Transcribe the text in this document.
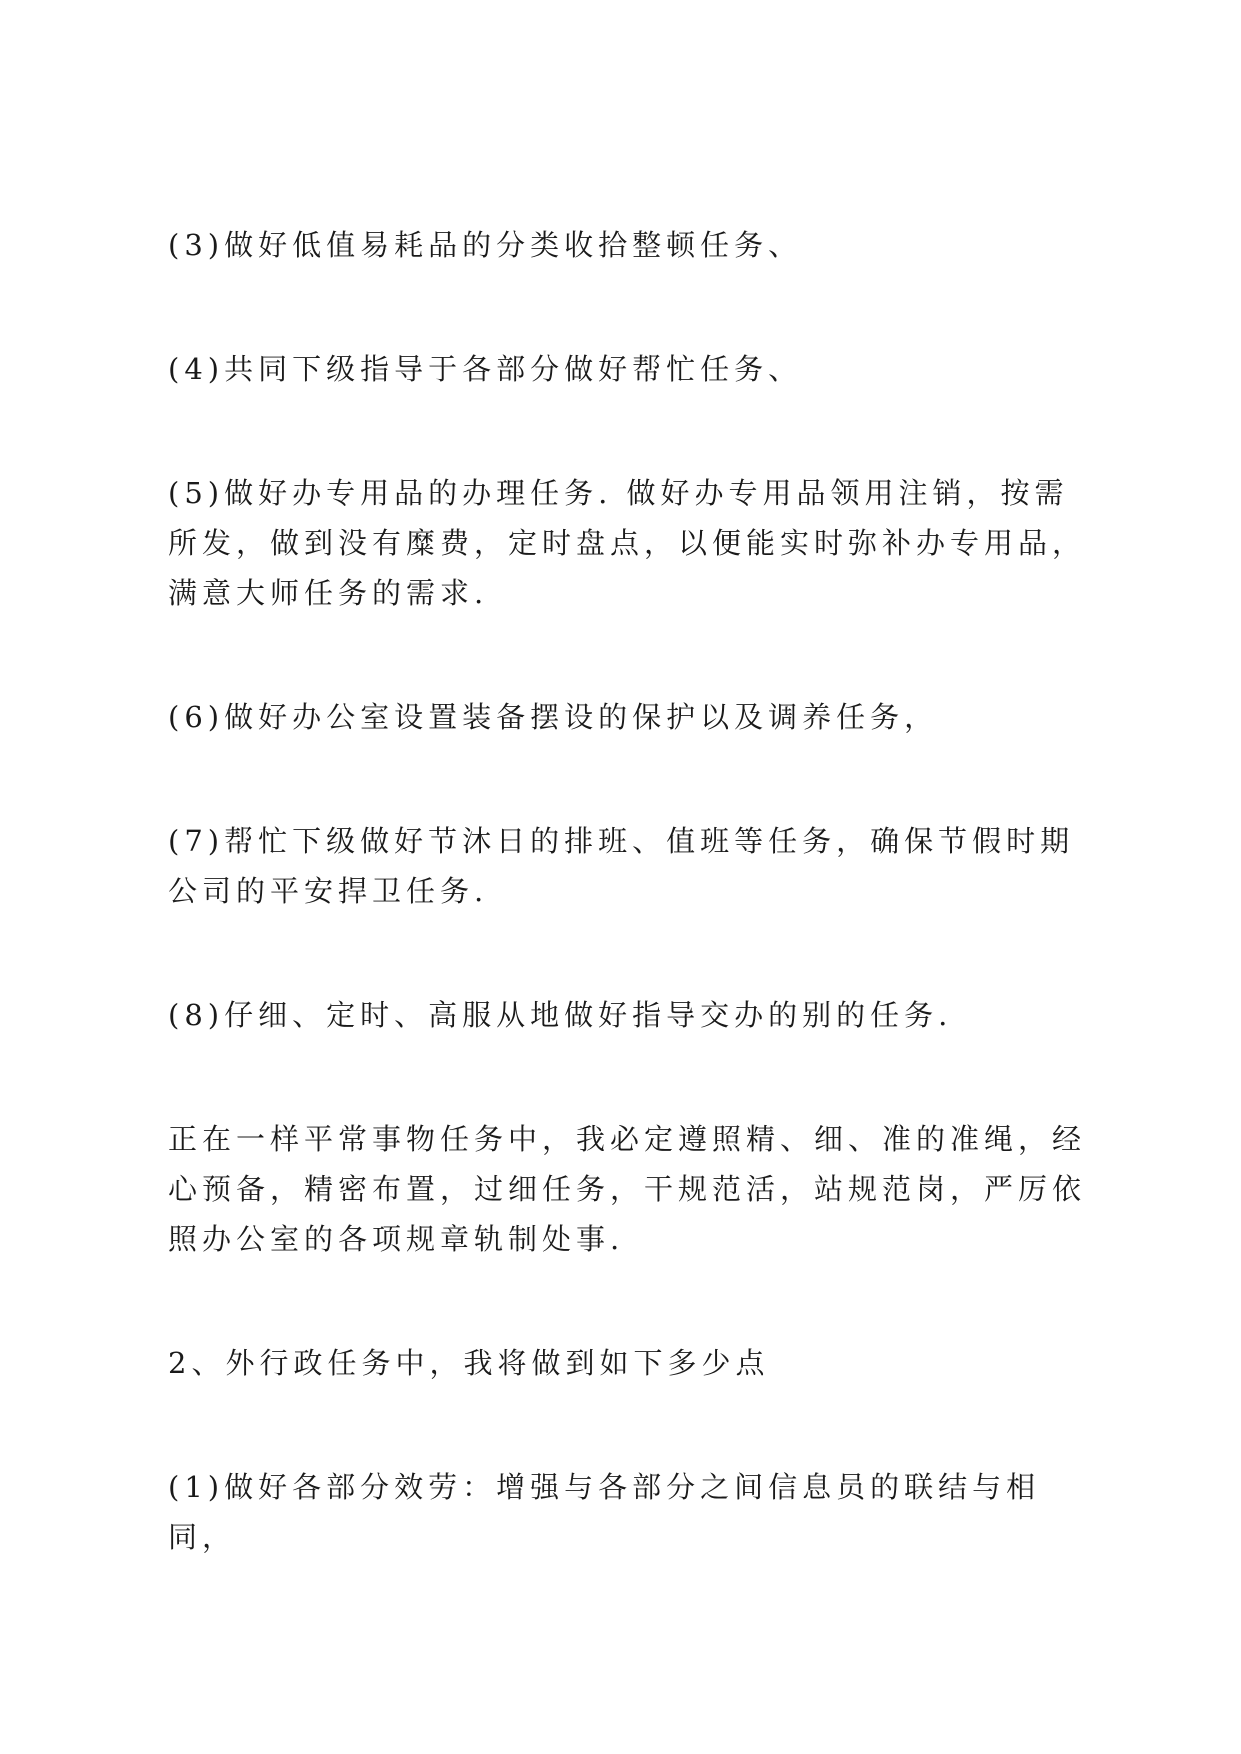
(3)做好低值易耗品的分类收拾整顿任务、

(4)共同下级指导于各部分做好帮忙任务、

(5)做好办专用品的办理任务. 做好办专用品领用注销，按需所发，做到没有糜费，定时盘点，以便能实时弥补办专用品，满意大师任务的需求.

(6)做好办公室设置装备摆设的保护以及调养任务，

(7)帮忙下级做好节沐日的排班、值班等任务，确保节假时期公司的平安捍卫任务.

(8)仔细、定时、高服从地做好指导交办的别的任务.

正在一样平常事物任务中，我必定遵照精、细、准的准绳，经心预备，精密布置，过细任务，干规范活，站规范岗，严厉依照办公室的各项规章轨制处事.

2、外行政任务中，我将做到如下多少点

(1)做好各部分效劳：增强与各部分之间信息员的联结与相同，
